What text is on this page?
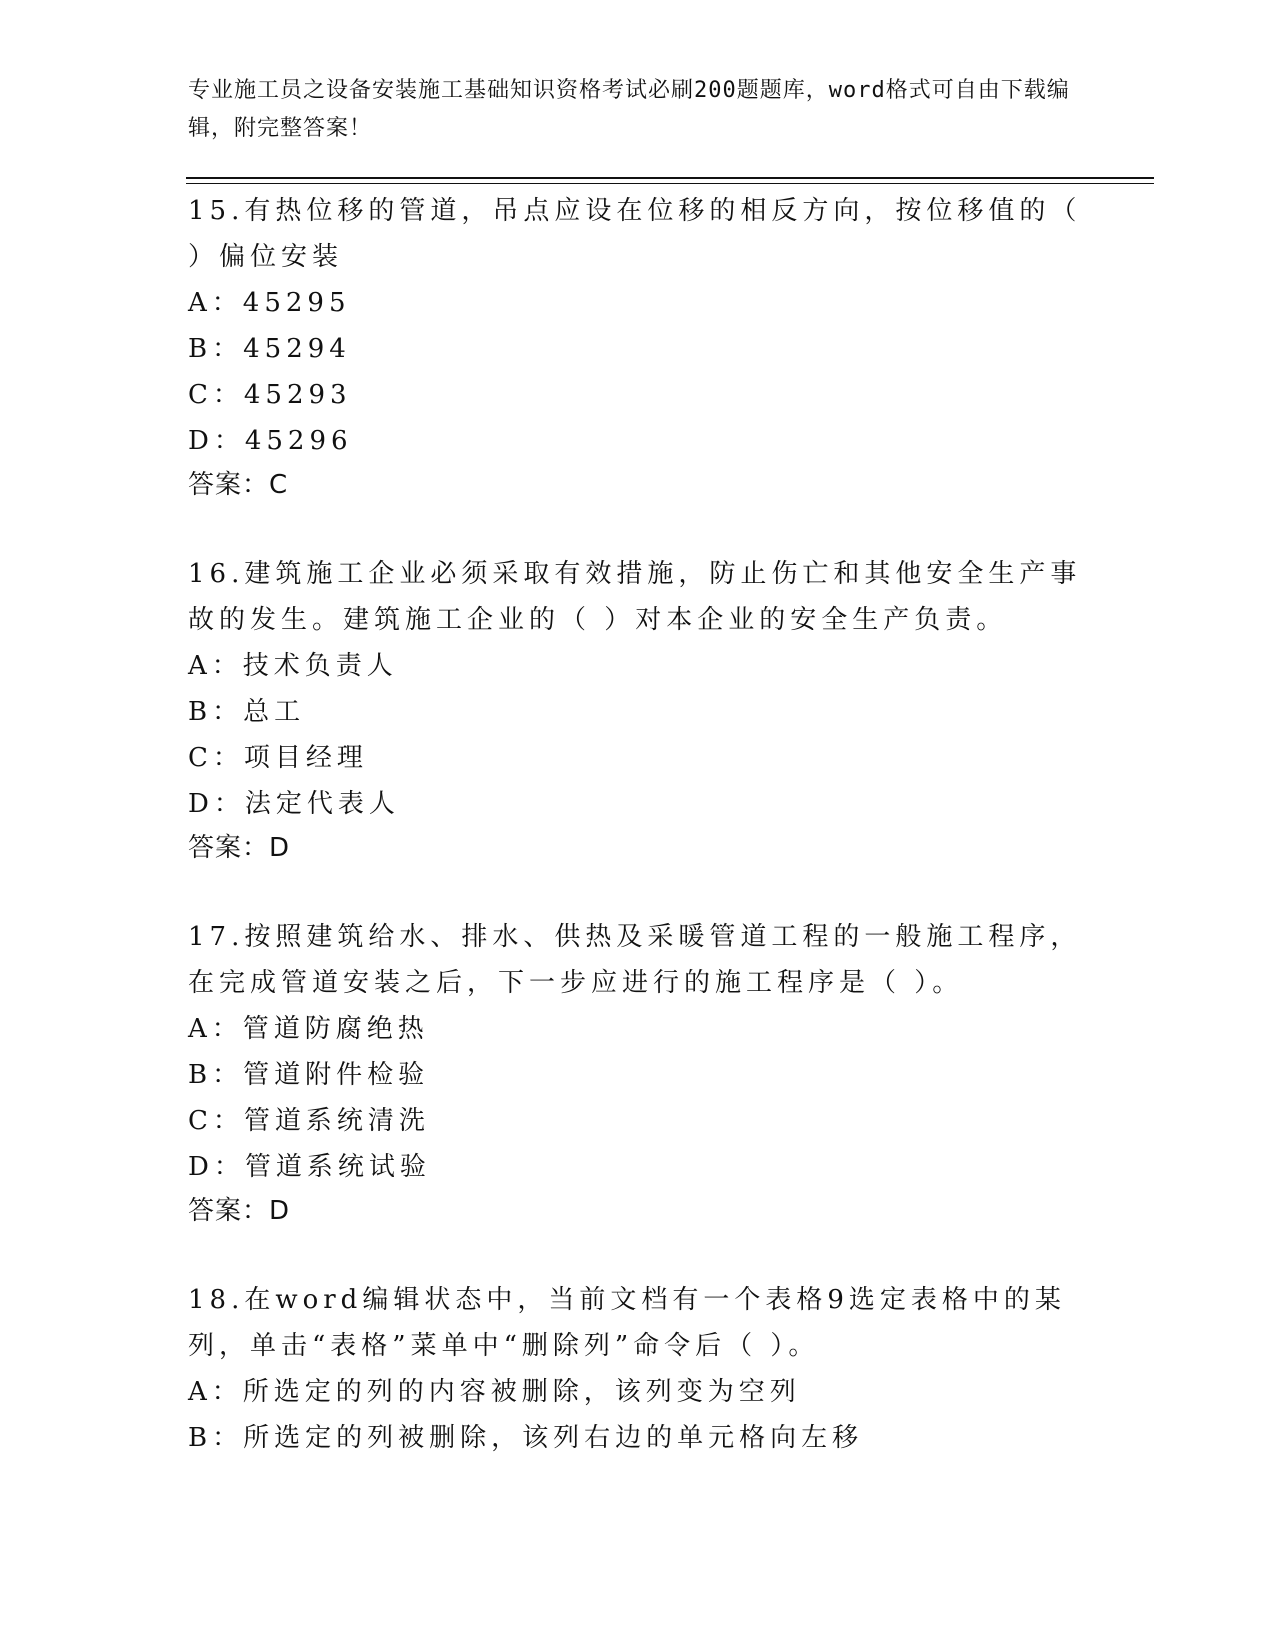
专业施工员之设备安装施工基础知识资格考试必刷200题题库，word格式可自由下载编辑，附完整答案！
15.有热位移的管道，吊点应设在位移的相反方向，按位移值的（ ）偏位安装
A：45295
B：45294
C：45293
D：45296
答案：C
16.建筑施工企业必须采取有效措施，防止伤亡和其他安全生产事故的发生。建筑施工企业的（ ）对本企业的安全生产负责。
A：技术负责人
B：总工
C：项目经理
D：法定代表人
答案：D
17.按照建筑给水、排水、供热及采暖管道工程的一般施工程序，在完成管道安装之后，下一步应进行的施工程序是（ ）。
A：管道防腐绝热
B：管道附件检验
C：管道系统清洗
D：管道系统试验
答案：D
18.在word编辑状态中，当前文档有一个表格9选定表格中的某列，单击“表格”菜单中“删除列”命令后（ ）。
A：所选定的列的内容被删除，该列变为空列
B：所选定的列被删除，该列右边的单元格向左移
